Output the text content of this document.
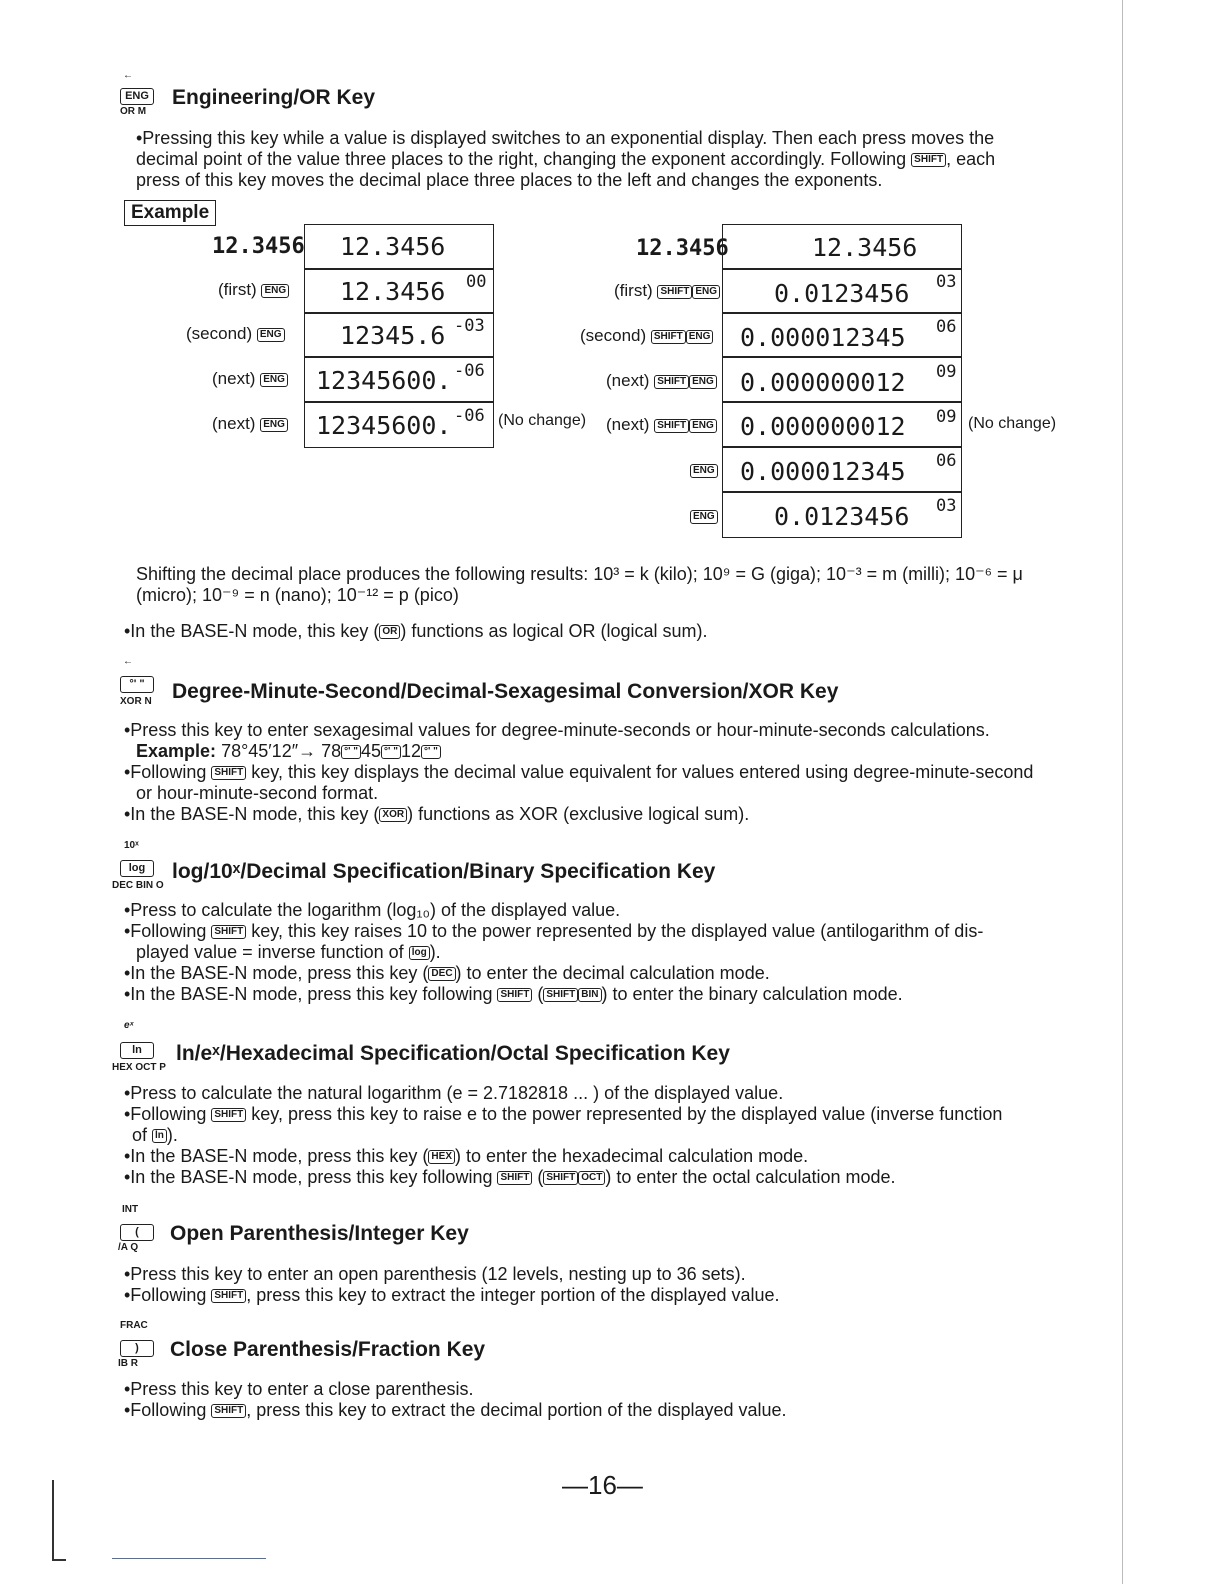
←
ENG
OR M
Engineering/OR Key
•Pressing this key while a value is displayed switches to an exponential display. Then each press moves the
decimal point of the value three places to the right, changing the exponent accordingly. Following SHIFT , each
press of this key moves the decimal place three places to the left and changes the exponents.
Example
12.3456 12.3456
(first) ENG 12.3456 00
(second) ENG 12345.6 -03
(next) ENG 12345600. -06
(next) ENG 12345600. -06 (No change)
12.3456	12.3456
(first) SHIFT ENG 0.0123456 03
(second) SHIFT ENG 0.000012345 06
(next) SHIFT ENG 0.000000012 09
(next) SHIFT ENG 0.000000012 09 (No change)
ENG 0.000012345 06
ENG 0.0123456 03
Shifting the decimal place produces the following results: 10³ = k (kilo); 10⁹ = G (giga); 10⁻³ = m (milli); 10⁻⁶ = μ
(micro); 10⁻⁹ = n (nano); 10⁻¹² = p (pico)
•In the BASE-N mode, this key ( OR ) functions as logical OR (logical sum).
←
°' "
XOR N Degree-Minute-Second/Decimal-Sexagesimal Conversion/XOR Key
•Press this key to enter sexagesimal values for degree-minute-seconds or hour-minute-seconds calculations.
Example: 78°45′12″→ 78 °' " 45 °' " 12 °' "
•Following SHIFT key, this key displays the decimal value equivalent for values entered using degree-minute-second
or hour-minute-second format.
•In the BASE-N mode, this key ( XOR ) functions as XOR (exclusive logical sum).
10ˣ
log
DEC BIN O
log/10ˣ/Decimal Specification/Binary Specification Key
•Press to calculate the logarithm (log₁₀) of the displayed value.
•Following SHIFT key, this key raises 10 to the power represented by the displayed value (antilogarithm of dis-
played value = inverse function of log ).
•In the BASE-N mode, press this key ( DEC ) to enter the decimal calculation mode.
•In the BASE-N mode, press this key following SHIFT ( SHIFT BIN ) to enter the binary calculation mode.
eˣ
ln
HEX OCT P
ln/eˣ/Hexadecimal Specification/Octal Specification Key
•Press to calculate the natural logarithm (e = 2.7182818 ... ) of the displayed value.
•Following SHIFT key, press this key to raise e to the power represented by the displayed value (inverse function
of ln ).
•In the BASE-N mode, press this key ( HEX ) to enter the hexadecimal calculation mode.
•In the BASE-N mode, press this key following SHIFT ( SHIFT OCT ) to enter the octal calculation mode.
INT
(
/A Q
Open Parenthesis/Integer Key
•Press this key to enter an open parenthesis (12 levels, nesting up to 36 sets).
•Following SHIFT , press this key to extract the integer portion of the displayed value.
FRAC
)
IB R
Close Parenthesis/Fraction Key
•Press this key to enter a close parenthesis.
•Following SHIFT , press this key to extract the decimal portion of the displayed value.
—16—
